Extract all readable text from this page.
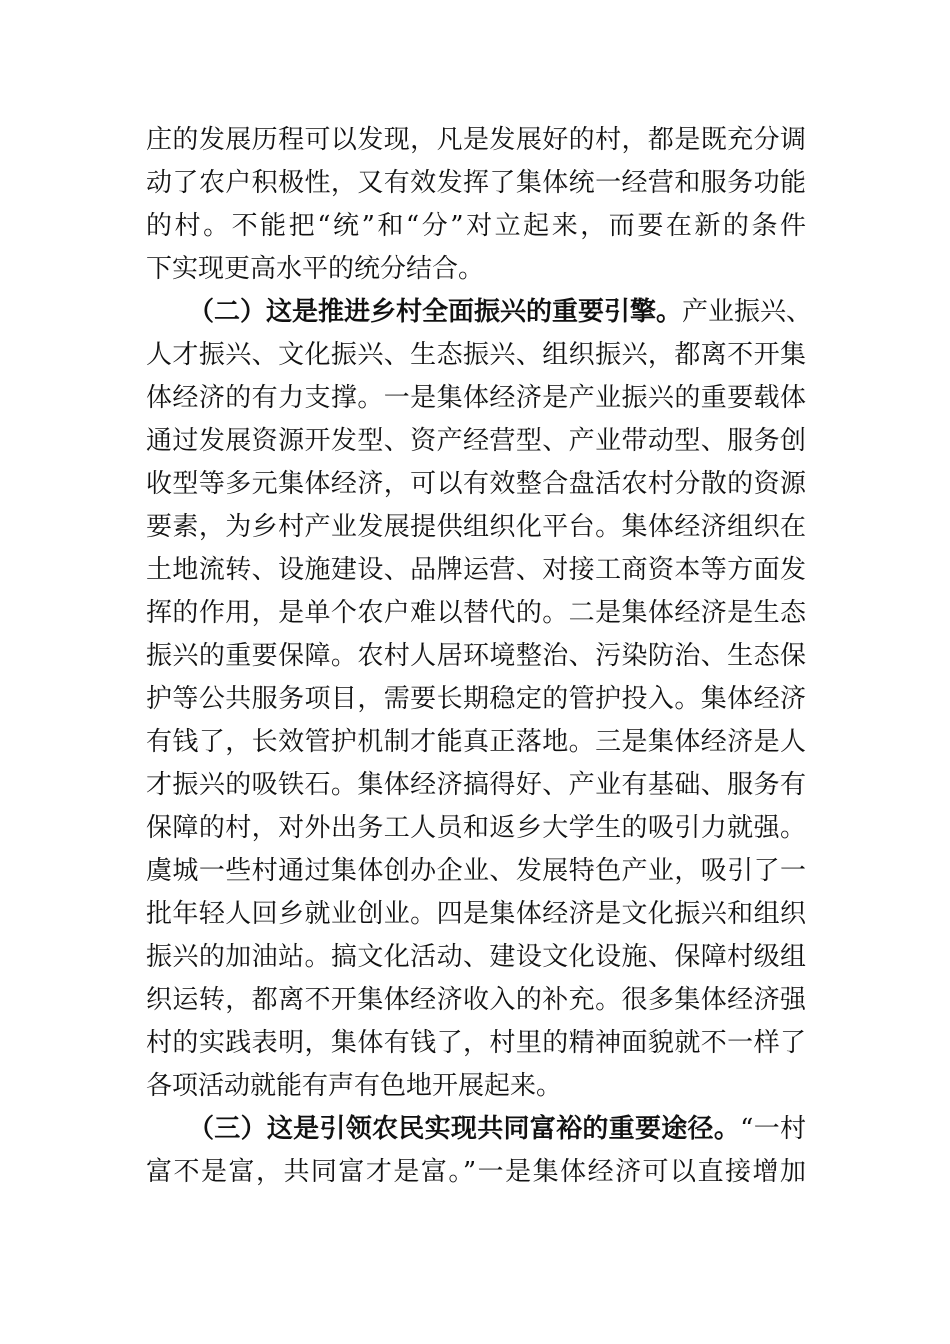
庄的发展历程可以发现，凡是发展好的村，都是既充分调
动了农户积极性，又有效发挥了集体统一经营和服务功能
的村。不能把“统”和“分”对立起来，而要在新的条件
下实现更高水平的统分结合。
（二）这是推进乡村全面振兴的重要引擎。产业振兴、
人才振兴、文化振兴、生态振兴、组织振兴，都离不开集
体经济的有力支撑。一是集体经济是产业振兴的重要载体
通过发展资源开发型、资产经营型、产业带动型、服务创
收型等多元集体经济，可以有效整合盘活农村分散的资源
要素，为乡村产业发展提供组织化平台。集体经济组织在
土地流转、设施建设、品牌运营、对接工商资本等方面发
挥的作用，是单个农户难以替代的。二是集体经济是生态
振兴的重要保障。农村人居环境整治、污染防治、生态保
护等公共服务项目，需要长期稳定的管护投入。集体经济
有钱了，长效管护机制才能真正落地。三是集体经济是人
才振兴的吸铁石。集体经济搞得好、产业有基础、服务有
保障的村，对外出务工人员和返乡大学生的吸引力就强。
虞城一些村通过集体创办企业、发展特色产业，吸引了一
批年轻人回乡就业创业。四是集体经济是文化振兴和组织
振兴的加油站。搞文化活动、建设文化设施、保障村级组
织运转，都离不开集体经济收入的补充。很多集体经济强
村的实践表明，集体有钱了，村里的精神面貌就不一样了
各项活动就能有声有色地开展起来。
（三）这是引领农民实现共同富裕的重要途径。“一村
富不是富，共同富才是富。”一是集体经济可以直接增加
